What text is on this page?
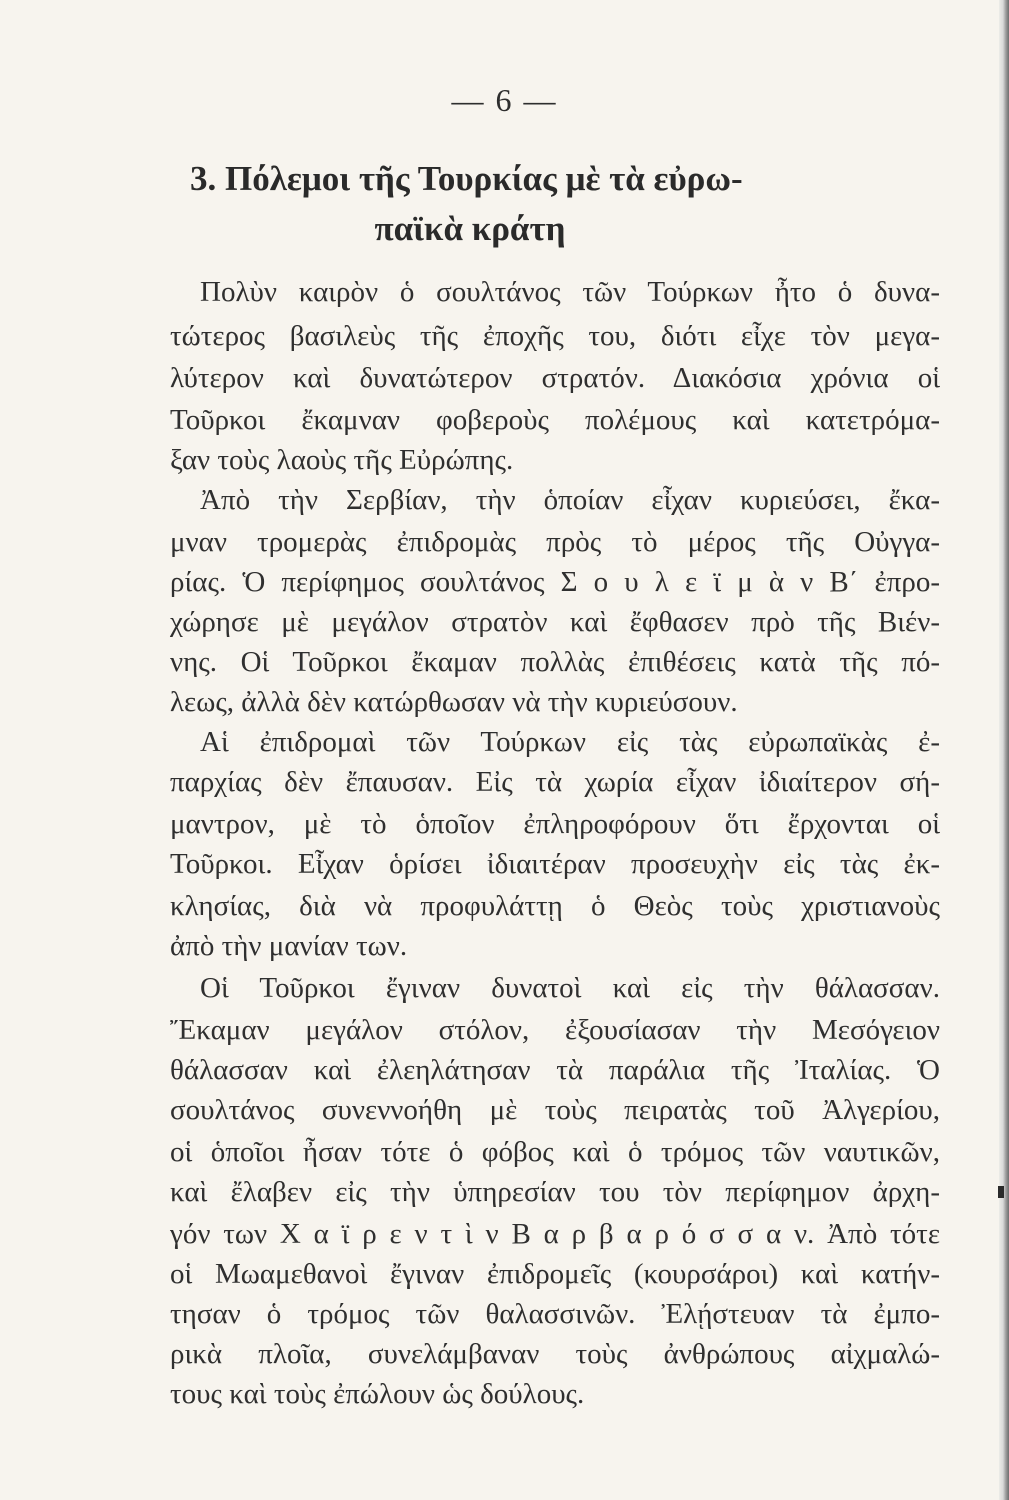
— 6 —
3. Πόλεμοι τῆς Τουρκίας μὲ τὰ εὐρω-
παϊκὰ κράτη
Πολὺν καιρὸν ὁ σουλτάνος τῶν Τούρκων ἦτο ὁ δυνα-
τώτερος βασιλεὺς τῆς ἐποχῆς του, διότι εἶχε τὸν μεγα-
λύτερον καὶ δυνατώτερον στρατόν. Διακόσια χρόνια οἱ
Τοῦρκοι ἔκαμναν φοβεροὺς πολέμους καὶ κατετρόμα-
ξαν τοὺς λαοὺς τῆς Εὐρώπης.
Ἀπὸ τὴν Σερβίαν, τὴν ὁποίαν εἶχαν κυριεύσει, ἔκα-
μναν τρομερὰς ἐπιδρομὰς πρὸς τὸ μέρος τῆς Οὐγγα-
ρίας. Ὁ περίφημος σουλτάνος Σ ο υ λ ε ϊ μ ὰ ν Β΄ ἐπρο-
χώρησε μὲ μεγάλον στρατὸν καὶ ἔφθασεν πρὸ τῆς Βιέν-
νης. Οἱ Τοῦρκοι ἔκαμαν πολλὰς ἐπιθέσεις κατὰ τῆς πό-
λεως, ἀλλὰ δὲν κατώρθωσαν νὰ τὴν κυριεύσουν.
Αἱ ἐπιδρομαὶ τῶν Τούρκων εἰς τὰς εὐρωπαϊκὰς ἐ-
παρχίας δὲν ἔπαυσαν. Εἰς τὰ χωρία εἶχαν ἰδιαίτερον σή-
μαντρον, μὲ τὸ ὁποῖον ἐπληροφόρουν ὅτι ἔρχονται οἱ
Τοῦρκοι. Εἶχαν ὁρίσει ἰδιαιτέραν προσευχὴν εἰς τὰς ἐκ-
κλησίας, διὰ νὰ προφυλάττῃ ὁ Θεὸς τοὺς χριστιανοὺς
ἀπὸ τὴν μανίαν των.
Οἱ Τοῦρκοι ἔγιναν δυνατοὶ καὶ εἰς τὴν θάλασσαν.
Ἔκαμαν μεγάλον στόλον, ἐξουσίασαν τὴν Μεσόγειον
θάλασσαν καὶ ἐλεηλάτησαν τὰ παράλια τῆς Ἰταλίας. Ὁ
σουλτάνος συνεννοήθη μὲ τοὺς πειρατὰς τοῦ Ἀλγερίου,
οἱ ὁποῖοι ἦσαν τότε ὁ φόβος καὶ ὁ τρόμος τῶν ναυτικῶν,
καὶ ἔλαβεν εἰς τὴν ὑπηρεσίαν του τὸν περίφημον ἀρχη-
γόν των Χ α ϊ ρ ε ν τ ὶ ν Β α ρ β α ρ ό σ σ α ν. Ἀπὸ τότε
οἱ Μωαμεθανοὶ ἔγιναν ἐπιδρομεῖς (κουρσάροι) καὶ κατήν-
τησαν ὁ τρόμος τῶν θαλασσινῶν. Ἐλῄστευαν τὰ ἐμπο-
ρικὰ πλοῖα, συνελάμβαναν τοὺς ἀνθρώπους αἰχμαλώ-
τους καὶ τοὺς ἐπώλουν ὡς δούλους.
